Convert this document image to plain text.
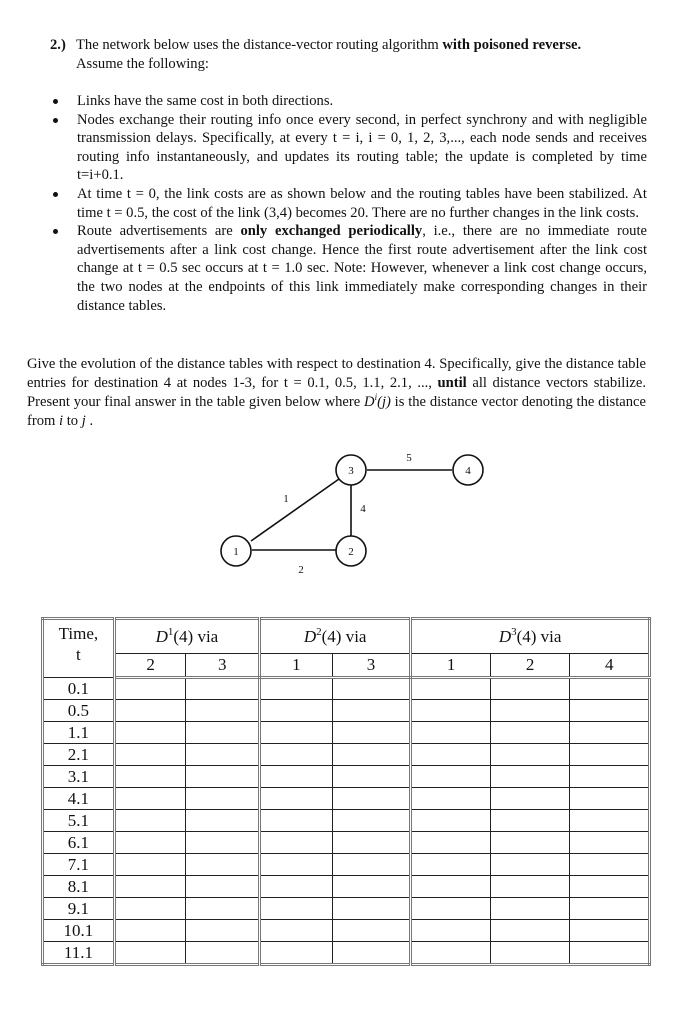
2.) The network below uses the distance-vector routing algorithm with poisoned reverse.
Assume the following:
Links have the same cost in both directions.
Nodes exchange their routing info once every second, in perfect synchrony and with negligible transmission delays. Specifically, at every t = i, i = 0, 1, 2, 3,..., each node sends and receives routing info instantaneously, and updates its routing table; the update is completed by time t=i+0.1.
At time t = 0, the link costs are as shown below and the routing tables have been stabilized. At time t = 0.5, the cost of the link (3,4) becomes 20. There are no further changes in the link costs.
Route advertisements are only exchanged periodically, i.e., there are no immediate route advertisements after a link cost change. Hence the first route advertisement after the link cost change at t = 0.5 sec occurs at t = 1.0 sec. Note: However, whenever a link cost change occurs, the two nodes at the endpoints of this link immediately make corresponding changes in their distance tables.
Give the evolution of the distance tables with respect to destination 4. Specifically, give the distance table entries for destination 4 at nodes 1-3, for t = 0.1, 0.5, 1.1, 2.1, ..., until all distance vectors stabilize. Present your final answer in the table given below where $D^i(j)$ is the distance vector denoting the distance from i to j .
1	2
3	4
1
2
4
5
Time,
t	$D^1(4)$ via		$D^2(4)$ via		$D^3(4)$ via		
	2	3	1	3	1	2	4
0.1							
0.5							
1.1							
2.1							
3.1							
4.1							
5.1							
6.1							
7.1							
8.1							
9.1							
10.1							
11.1							
